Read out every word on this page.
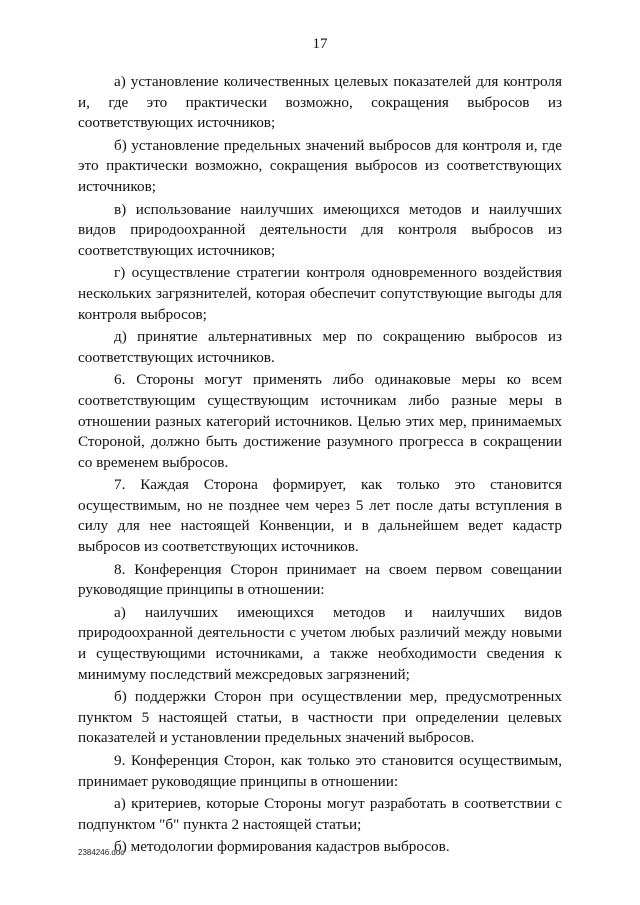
17

а) установление количественных целевых показателей для контроля и, где это практически возможно, сокращения выбросов из соответствующих источников;

б) установление предельных значений выбросов для контроля и, где это практически возможно, сокращения выбросов из соответствующих источников;

в) использование наилучших имеющихся методов и наилучших видов природоохранной деятельности для контроля выбросов из соответствующих источников;

г) осуществление стратегии контроля одновременного воздействия нескольких загрязнителей, которая обеспечит сопутствующие выгоды для контроля выбросов;

д) принятие альтернативных мер по сокращению выбросов из соответствующих источников.

6. Стороны могут применять либо одинаковые меры ко всем соответствующим существующим источникам либо разные меры в отношении разных категорий источников. Целью этих мер, принимаемых Стороной, должно быть достижение разумного прогресса в сокращении со временем выбросов.

7. Каждая Сторона формирует, как только это становится осуществимым, но не позднее чем через 5 лет после даты вступления в силу для нее настоящей Конвенции, и в дальнейшем ведет кадастр выбросов из соответствующих источников.

8. Конференция Сторон принимает на своем первом совещании руководящие принципы в отношении:

а) наилучших имеющихся методов и наилучших видов природоохранной деятельности с учетом любых различий между новыми и существующими источниками, а также необходимости сведения к минимуму последствий межсредовых загрязнений;

б) поддержки Сторон при осуществлении мер, предусмотренных пунктом 5 настоящей статьи, в частности при определении целевых показателей и установлении предельных значений выбросов.

9. Конференция Сторон, как только это становится осуществимым, принимает руководящие принципы в отношении:

а) критериев, которые Стороны могут разработать в соответствии с подпунктом "б" пункта 2 настоящей статьи;

б) методологии формирования кадастров выбросов.

2384246.doc
